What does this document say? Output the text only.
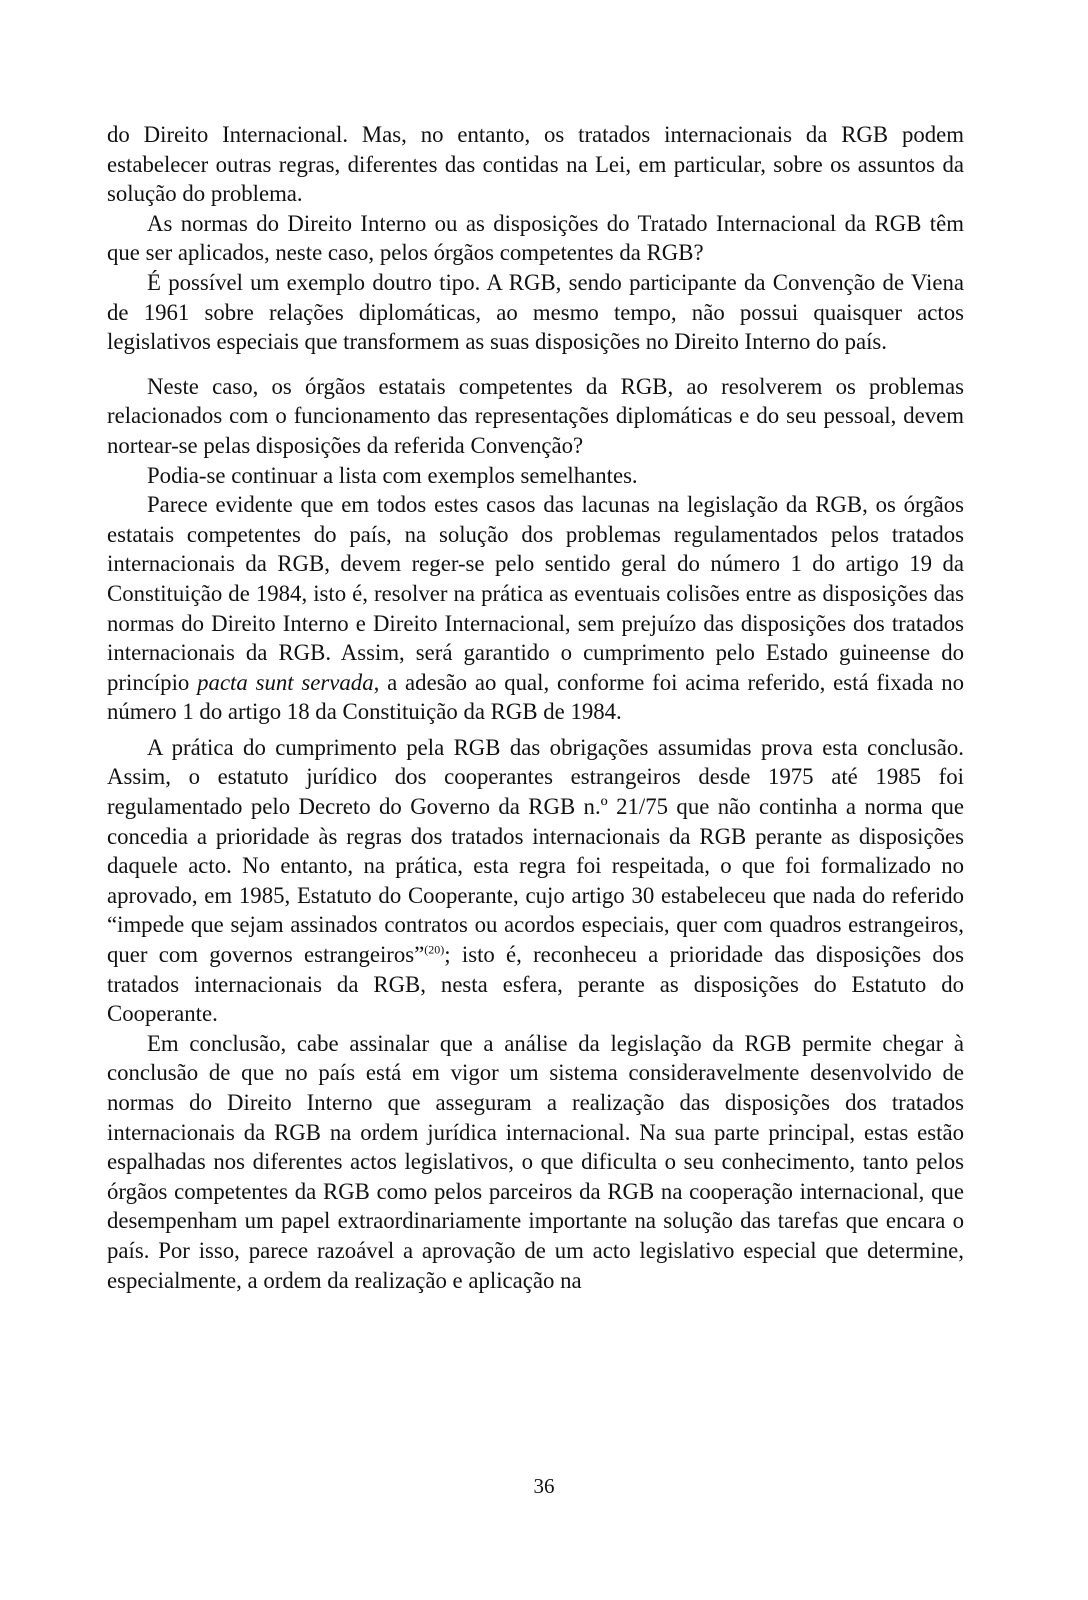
do Direito Internacional. Mas, no entanto, os tratados internacionais da RGB podem estabelecer outras regras, diferentes das contidas na Lei, em particular, sobre os assuntos da solução do problema.

As normas do Direito Interno ou as disposições do Tratado Internacional da RGB têm que ser aplicados, neste caso, pelos órgãos competentes da RGB?

É possível um exemplo doutro tipo. A RGB, sendo participante da Convenção de Viena de 1961 sobre relações diplomáticas, ao mesmo tempo, não possui quaisquer actos legislativos especiais que transformem as suas disposições no Direito Interno do país.

Neste caso, os órgãos estatais competentes da RGB, ao resolverem os problemas relacionados com o funcionamento das representações diplomáticas e do seu pessoal, devem nortear-se pelas disposições da referida Convenção?

Podia-se continuar a lista com exemplos semelhantes.

Parece evidente que em todos estes casos das lacunas na legislação da RGB, os órgãos estatais competentes do país, na solução dos problemas regulamentados pelos tratados internacionais da RGB, devem reger-se pelo sentido geral do número 1 do artigo 19 da Constituição de 1984, isto é, resolver na prática as eventuais colisões entre as disposições das normas do Direito Interno e Direito Internacional, sem prejuízo das disposições dos tratados internacionais da RGB. Assim, será garantido o cumprimento pelo Estado guineense do princípio pacta sunt servada, a adesão ao qual, conforme foi acima referido, está fixada no número 1 do artigo 18 da Constituição da RGB de 1984.

A prática do cumprimento pela RGB das obrigações assumidas prova esta conclusão. Assim, o estatuto jurídico dos cooperantes estrangeiros desde 1975 até 1985 foi regulamentado pelo Decreto do Governo da RGB n.º 21/75 que não continha a norma que concedia a prioridade às regras dos tratados internacionais da RGB perante as disposições daquele acto. No entanto, na prática, esta regra foi respeitada, o que foi formalizado no aprovado, em 1985, Estatuto do Cooperante, cujo artigo 30 estabeleceu que nada do referido “impede que sejam assinados contratos ou acordos especiais, quer com quadros estrangeiros, quer com governos estrangeiros”$^{(20)}$; isto é, reconheceu a prioridade das disposições dos tratados internacionais da RGB, nesta esfera, perante as disposições do Estatuto do Cooperante.

Em conclusão, cabe assinalar que a análise da legislação da RGB permite chegar à conclusão de que no país está em vigor um sistema consideravelmente desenvolvido de normas do Direito Interno que asseguram a realização das disposições dos tratados internacionais da RGB na ordem jurídica internacional. Na sua parte principal, estas estão espalhadas nos diferentes actos legislativos, o que dificulta o seu conhecimento, tanto pelos órgãos competentes da RGB como pelos parceiros da RGB na cooperação internacional, que desempenham um papel extraordinariamente importante na solução das tarefas que encara o país. Por isso, parece razoável a aprovação de um acto legislativo especial que determine, especialmente, a ordem da realização e aplicação na

36
